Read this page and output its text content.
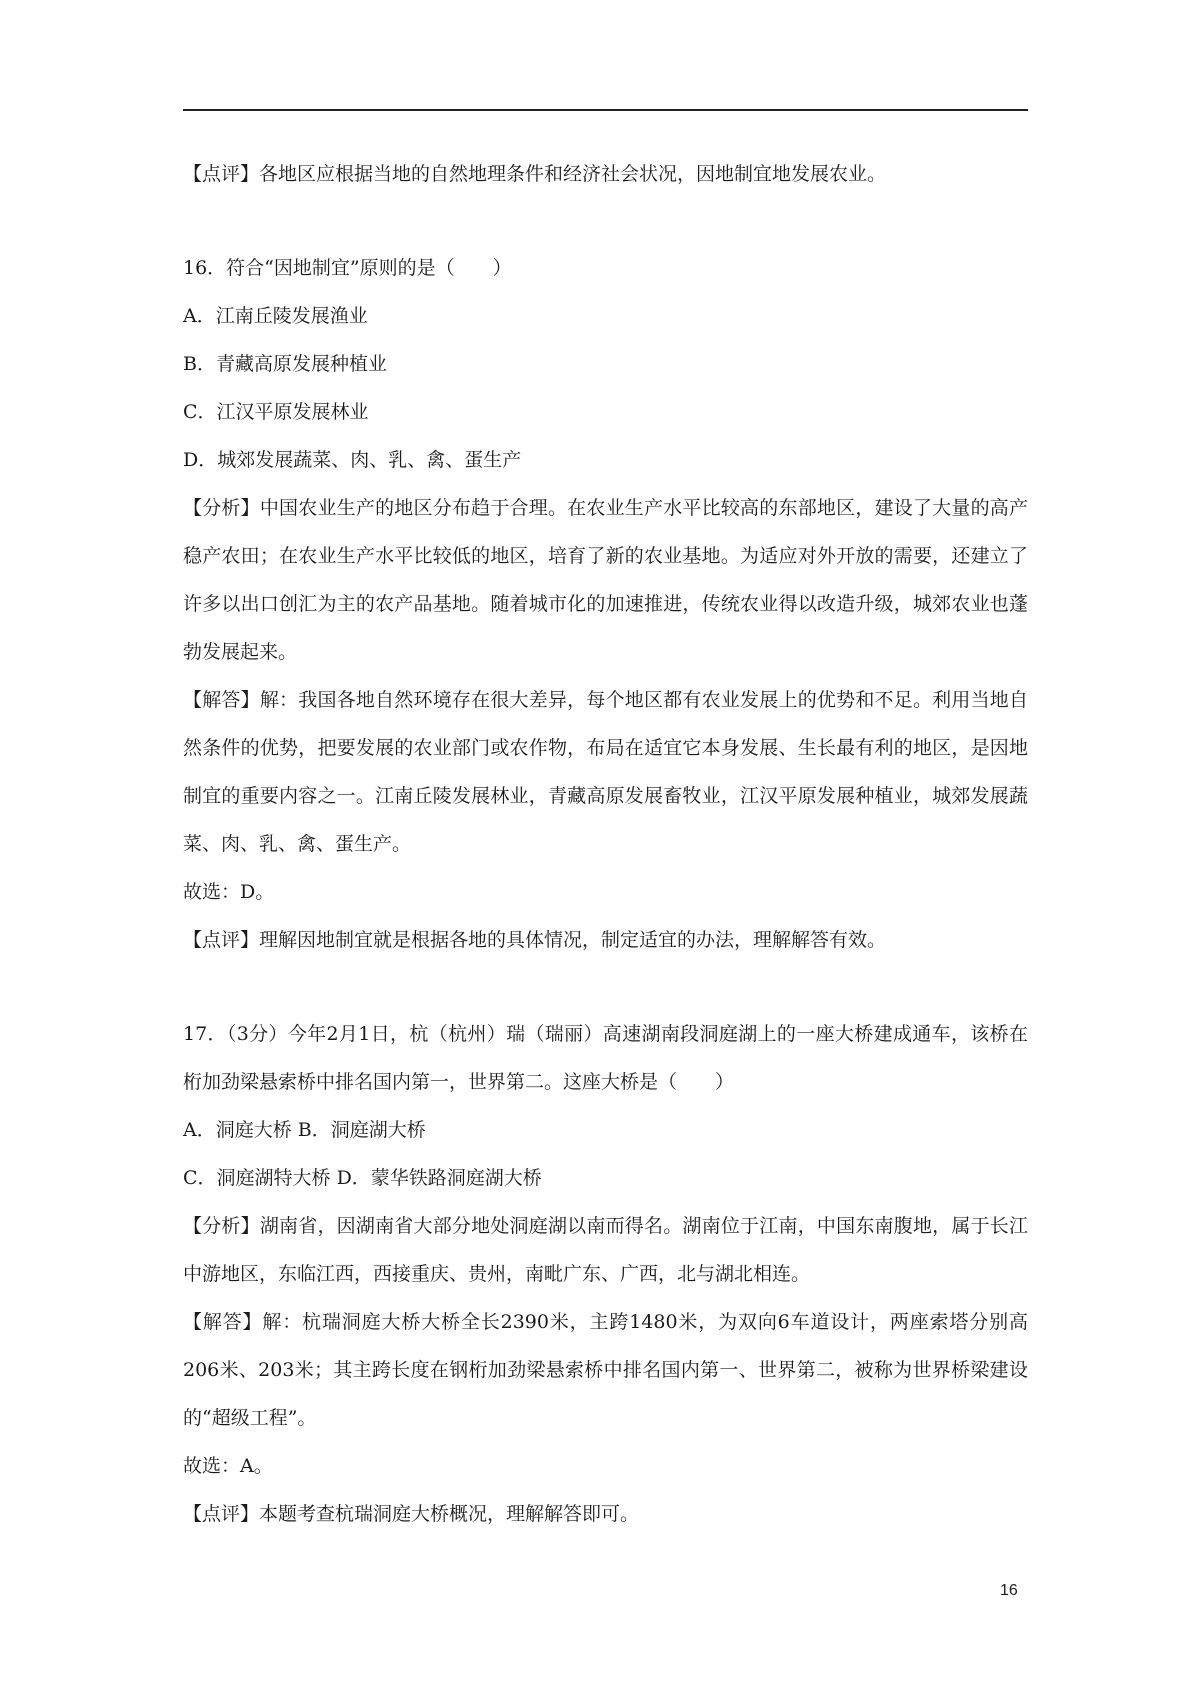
【点评】各地区应根据当地的自然地理条件和经济社会状况，因地制宜地发展农业。

16．符合“因地制宜”原则的是（　　）

A．江南丘陵发展渔业

B．青藏高原发展种植业

C．江汉平原发展林业

D．城郊发展蔬菜、肉、乳、禽、蛋生产

【分析】中国农业生产的地区分布趋于合理。在农业生产水平比较高的东部地区，建设了大量的高产稳产农田；在农业生产水平比较低的地区，培育了新的农业基地。为适应对外开放的需要，还建立了许多以出口创汇为主的农产品基地。随着城市化的加速推进，传统农业得以改造升级，城郊农业也蓬勃发展起来。

【解答】解：我国各地自然环境存在很大差异，每个地区都有农业发展上的优势和不足。利用当地自然条件的优势，把要发展的农业部门或农作物，布局在适宜它本身发展、生长最有利的地区，是因地制宜的重要内容之一。江南丘陵发展林业，青藏高原发展畜牧业，江汉平原发展种植业，城郊发展蔬菜、肉、乳、禽、蛋生产。

故选：D。

【点评】理解因地制宜就是根据各地的具体情况，制定适宜的办法，理解解答有效。

17．（3分）今年2月1日，杭（杭州）瑞（瑞丽）高速湖南段洞庭湖上的一座大桥建成通车，该桥在桁加劲梁悬索桥中排名国内第一，世界第二。这座大桥是（　　）

A．洞庭大桥 B．洞庭湖大桥

C．洞庭湖特大桥 D．蒙华铁路洞庭湖大桥

【分析】湖南省，因湖南省大部分地处洞庭湖以南而得名。湖南位于江南，中国东南腹地，属于长江中游地区，东临江西，西接重庆、贵州，南毗广东、广西，北与湖北相连。

【解答】解：杭瑞洞庭大桥大桥全长2390米，主跨1480米，为双向6车道设计，两座索塔分别高206米、203米；其主跨长度在钢桁加劲梁悬索桥中排名国内第一、世界第二，被称为世界桥梁建设的“超级工程”。

故选：A。

【点评】本题考查杭瑞洞庭大桥概况，理解解答即可。

16
